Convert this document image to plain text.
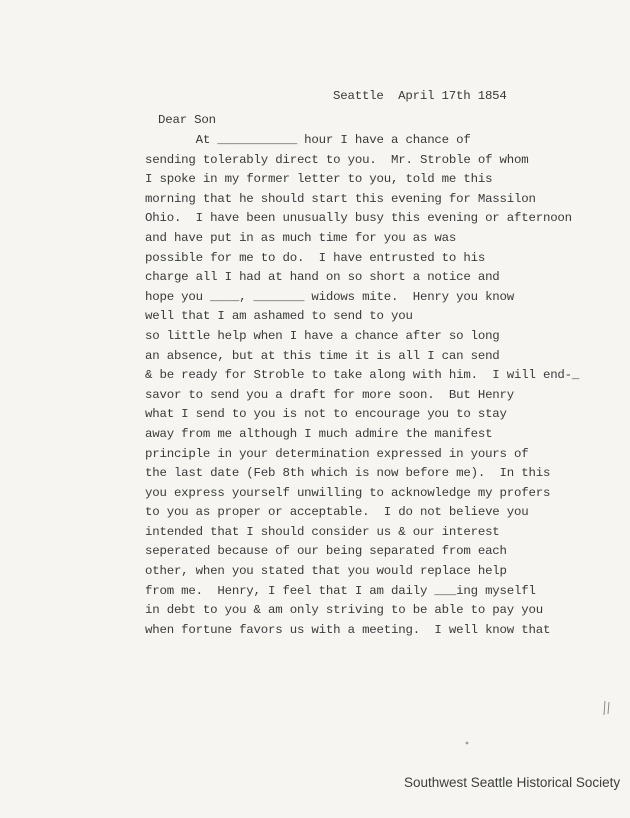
Seattle  April 17th 1854
Dear Son
At ___________ hour I have a chance of
sending tolerably direct to you.  Mr. Stroble of whom
I spoke in my former letter to you, told me this
morning that he should start this evening for Massilon
Ohio.  I have been unusually busy this evening or afternoon
and have put in as much time for you as was
possible for me to do.  I have entrusted to his
charge all I had at hand on so short a notice and
hope you ____, _______ widows mite.  Henry you know
well that I am ashamed to send to you
so little help when I have a chance after so long
an absence, but at this time it is all I can send
& be ready for Stroble to take along with him.  I will end-_
savor to send you a draft for more soon.  But Henry
what I send to you is not to encourage you to stay
away from me although I much admire the manifest
principle in your determination expressed in yours of
the last date (Feb 8th which is now before me).  In this
you express yourself unwilling to acknowledge my profers
to you as proper or acceptable.  I do not believe you
intended that I should consider us & our interest
seperated because of our being separated from each
other, when you stated that you would replace help
from me.  Henry, I feel that I am daily ___ing myselfl
in debt to you & am only striving to be able to pay you
when fortune favors us with a meeting.  I well know that
Southwest Seattle Historical Society
